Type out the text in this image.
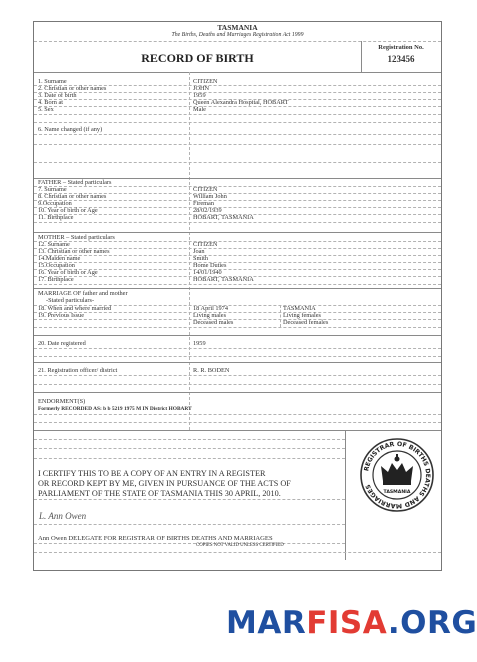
TASMANIA
The Births, Deaths and Marriages Registration Act 1999
RECORD OF BIRTH
Registration No.
123456
1. Surname	CITIZEN
2. Christian or other names	JOHN
3. Date of birth	1959
4. Born at	Queen Alexandra Hospital, HOBART
5. Sex	Male
6. Name changed (if any)
FATHER – Stated particulars
7. Surname	CITIZEN
8. Christian or other names	William John
9.Occupation	Fireman
10. Year of birth or Age	28/02/1939
11. Birthplace	HOBART, TASMANIA
MOTHER – Stated particulars
12. Surname	CITIZEN
13. Christian or other names	Joan
14.Maiden name	Smith
15.Occupation	Home Duties
16. Year of birth or Age	14/01/1940
17. Birthplace	HOBART, TASMANIA
MARRIAGE OF father and mother
-Stated particulars-
18. When and where married	18 April 1974	TASMANIA
19. Previous Issue	Living males	Living females
Deceased males	Deceased females
20. Date registered	1959
21. Registration officer/ district	R. R. BODEN
ENDORMENT(S)
Formerly RECORDED AS: b b 5219 1975 M IN District HOBART
I CERTIFY THIS TO BE A COPY OF AN ENTRY IN A REGISTER
OR RECORD KEPT BY ME, GIVEN IN PURSUANCE OF THE ACTS OF
PARLIAMENT OF THE STATE OF TASMANIA THIS 30 APRIL, 2010.
L. Ann Owen
Ann Owen DELEGATE FOR REGISTRAR OF BIRTHS DEATHS AND MARRIAGES
COPIES NOT VALID UNLESS CERTIFIED
REGISTRAR OF BIRTHS DEATHS AND MARRIAGES
TASMANIA
MARFISA.ORG
